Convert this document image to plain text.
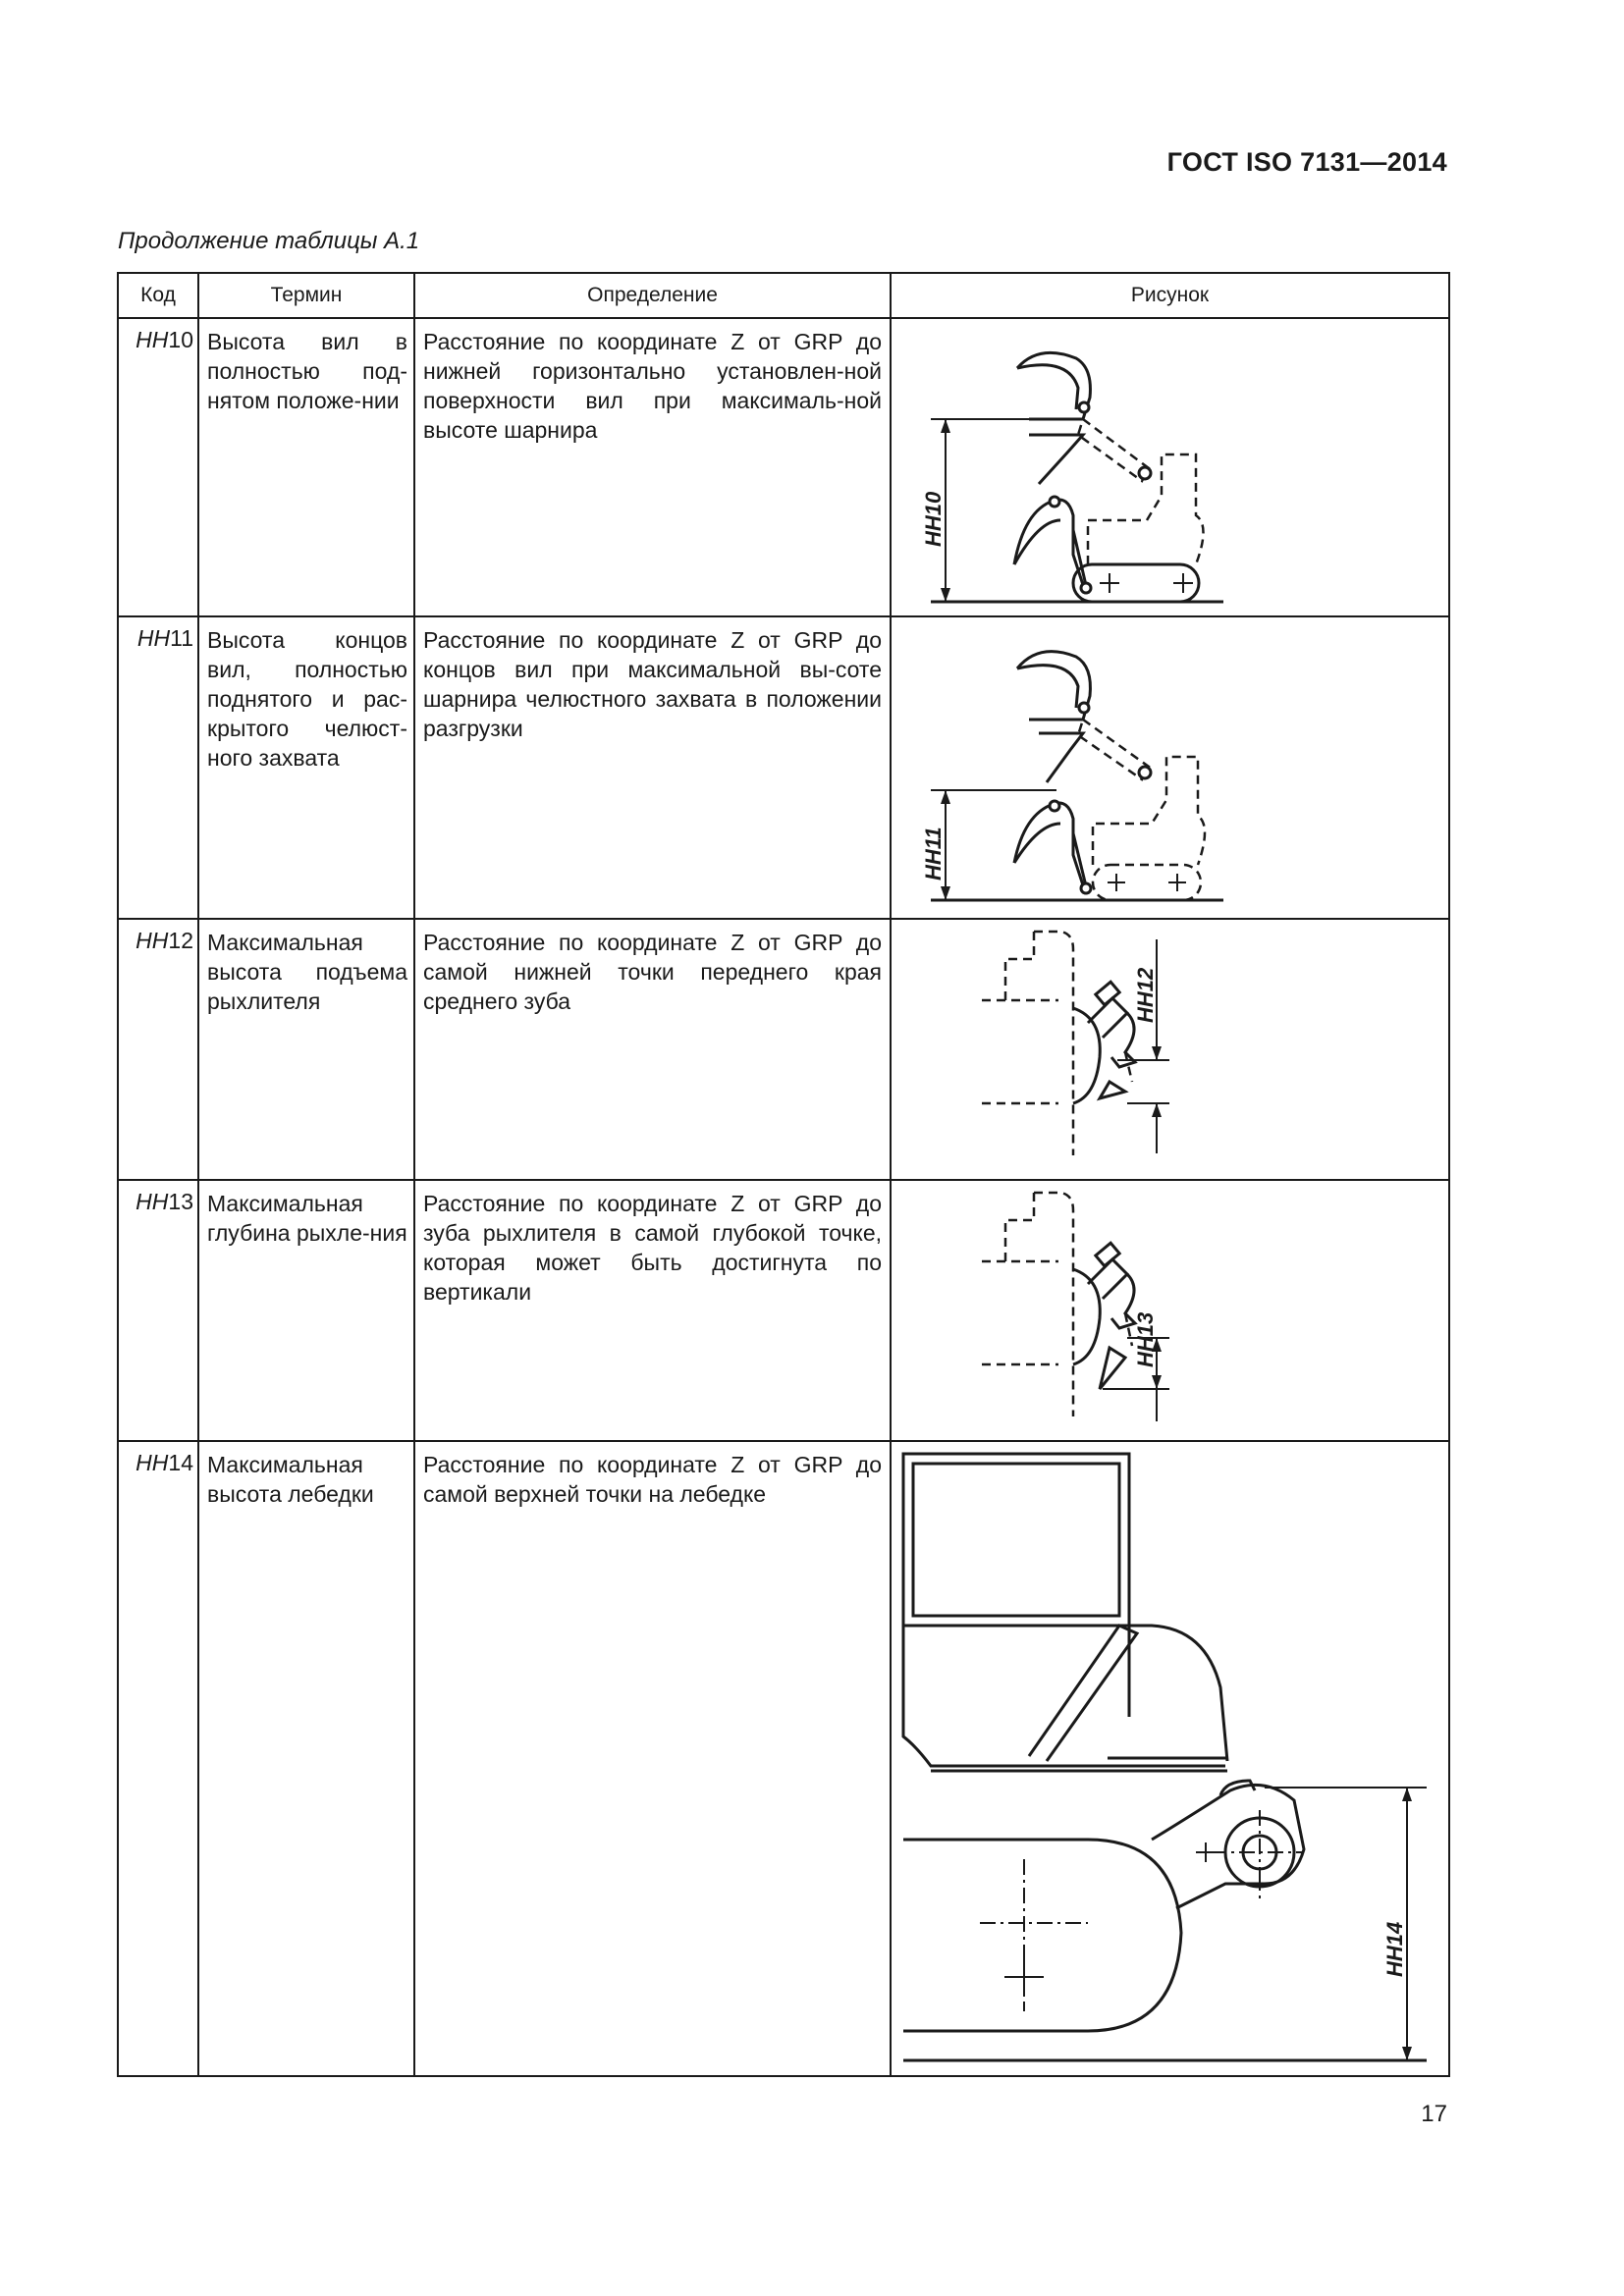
ГОСТ ISO 7131—2014
Продолжение таблицы А.1
Код	Термин	Определение	Рисунок
HH10	Высота вил в полностью под-нятом положе-нии	Расстояние по координате Z от GRP до нижней горизонтально установлен-ной поверхности вил при максималь-ной высоте шарнира	HH10

HH11	Высота концов вил, полностью поднятого и рас-крытого челюст-ного захвата	Расстояние по координате Z от GRP до концов вил при максимальной вы-соте шарнира челюстного захвата в положении разгрузки	HH11

HH12	Максимальная высота подъема рыхлителя	Расстояние по координате Z от GRP до самой нижней точки переднего края среднего зуба	HH12

HH13	Максимальная глубина рыхле-ния	Расстояние по координате Z от GRP до зуба рыхлителя в самой глубокой точке, которая может быть достигнута по вертикали	HH13

HH14	Максимальная высота лебедки	Расстояние по координате Z от GRP до самой верхней точки на лебедке	HH14
17
